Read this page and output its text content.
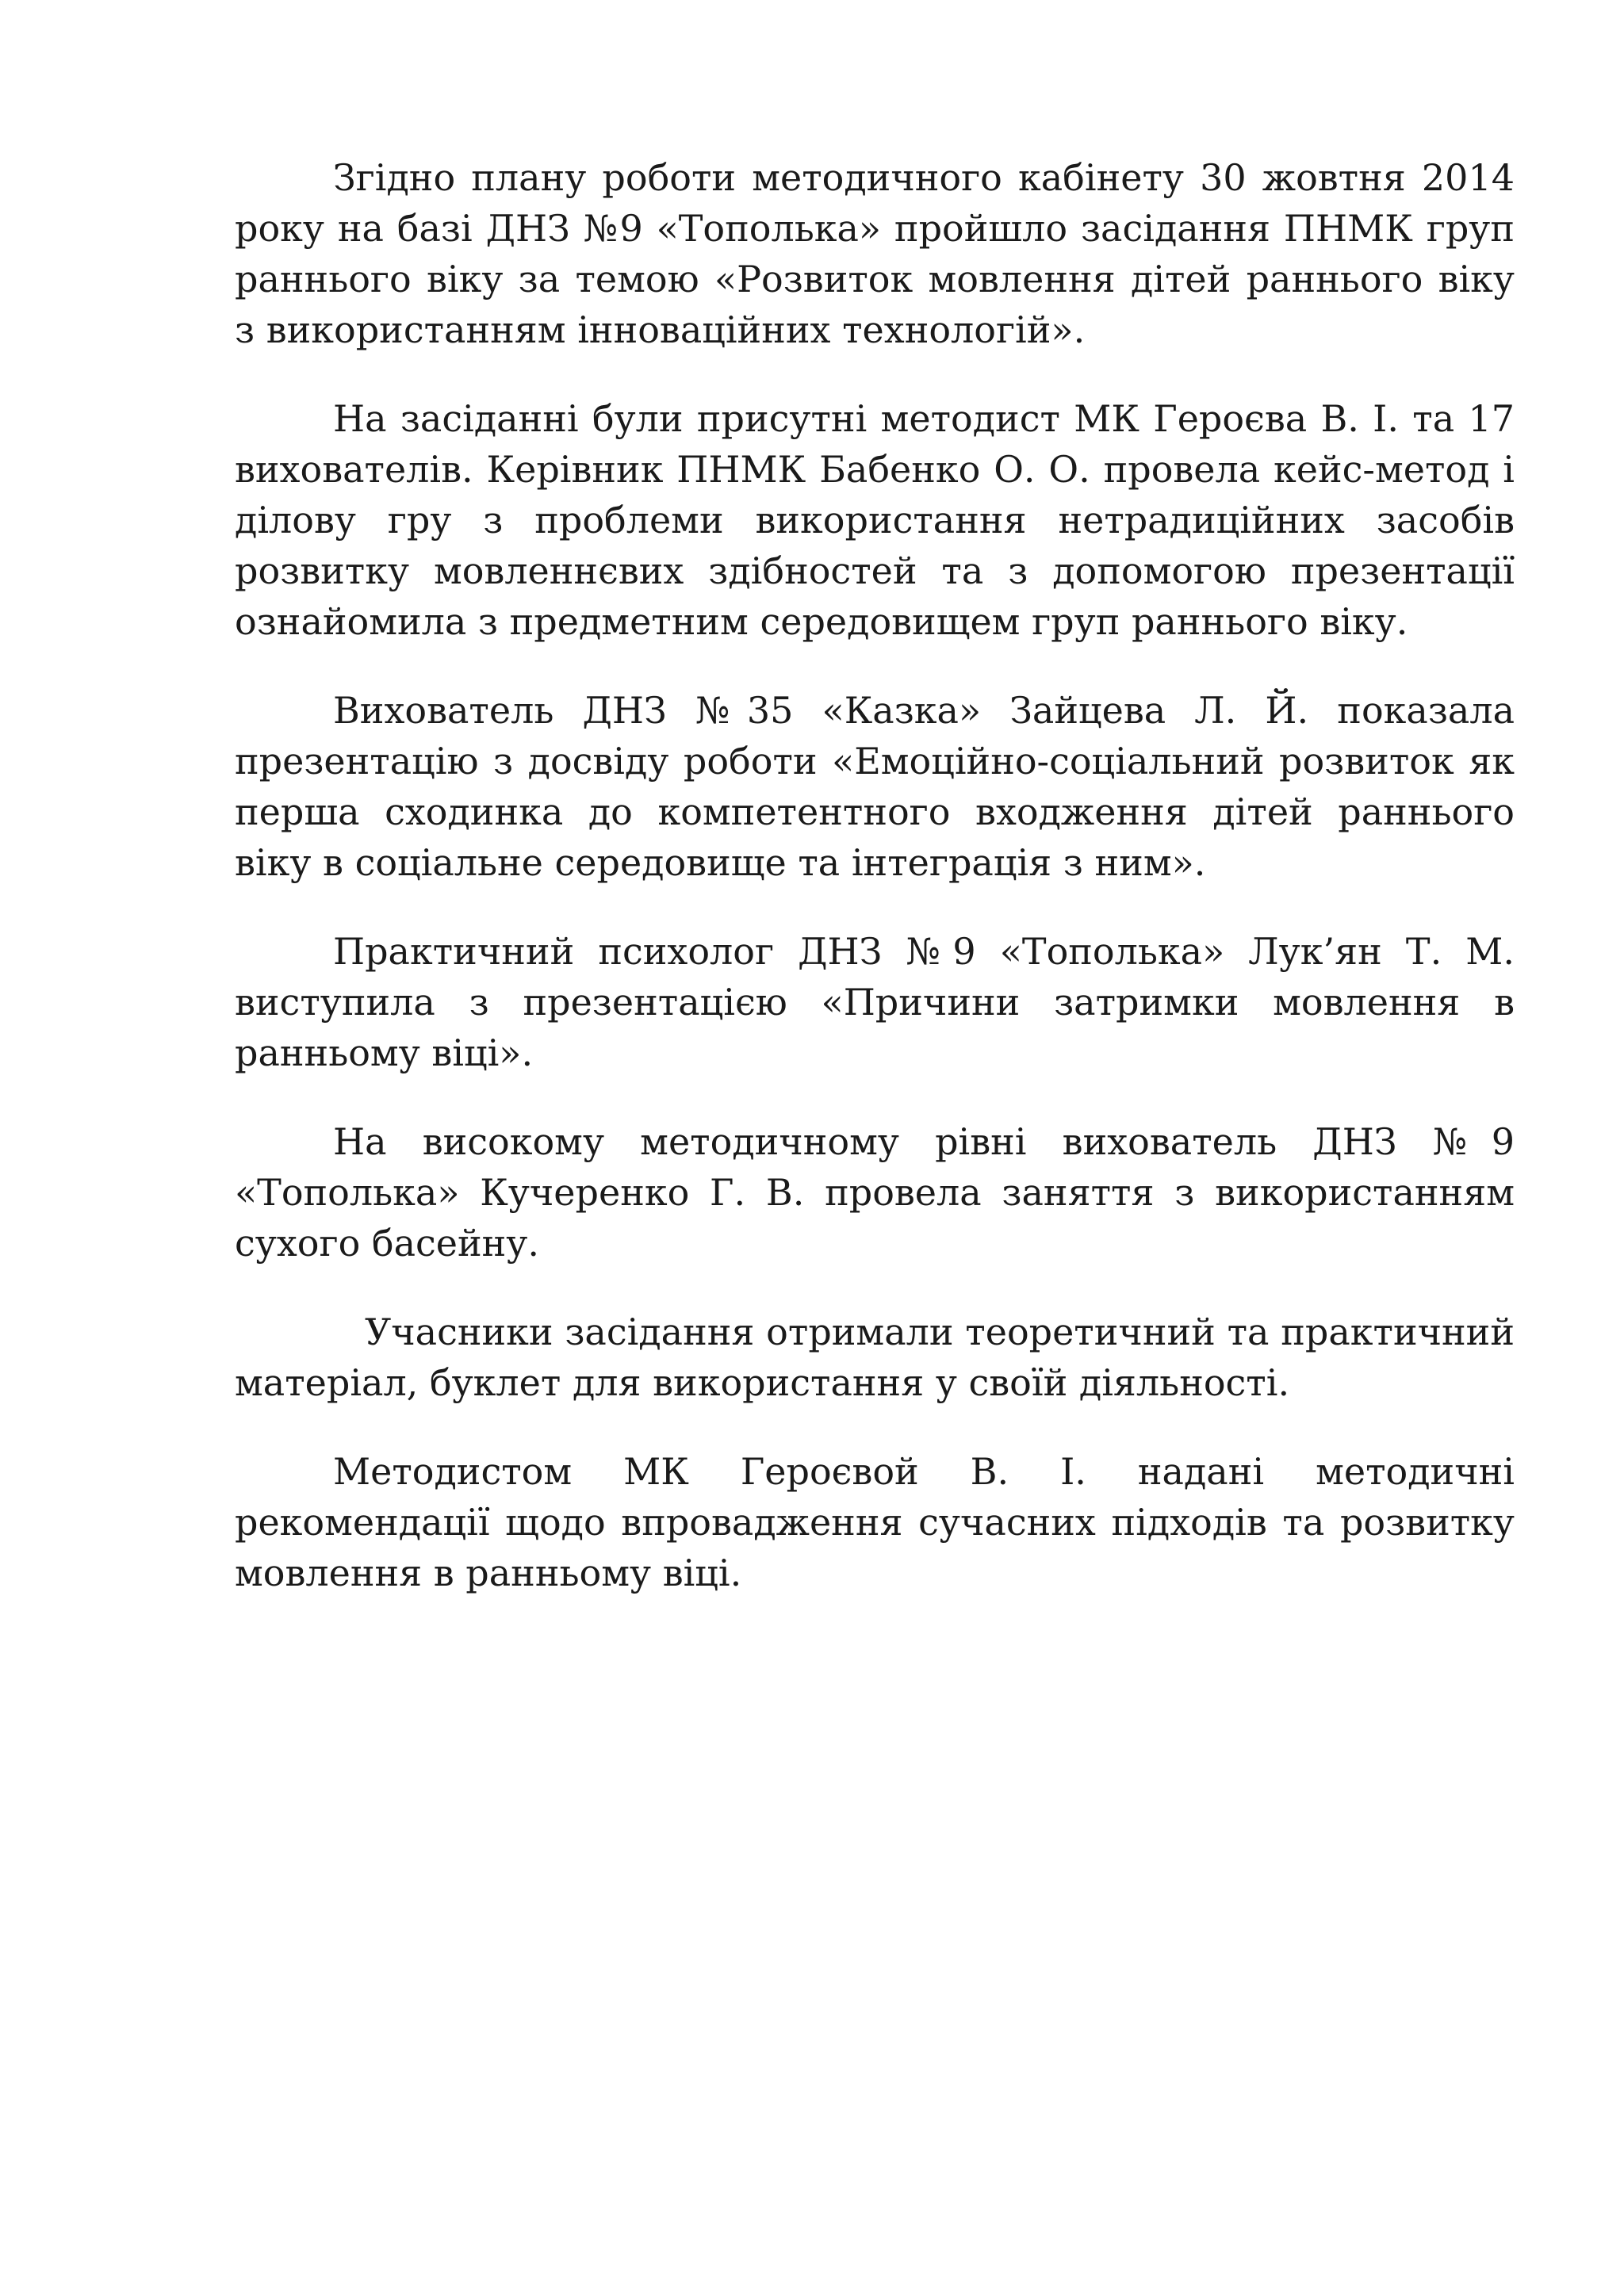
Згідно плану роботи методичного кабінету 30 жовтня 2014 року на базі ДНЗ №9 «Тополька» пройшло засідання ПНМК груп раннього віку за темою «Розвиток мовлення дітей раннього віку з використанням інноваційних технологій».

На засіданні були присутні методист МК Героєва В. І. та 17 вихователів. Керівник ПНМК Бабенко О. О. провела кейс-метод і ділову гру з проблеми використання нетрадиційних засобів розвитку мовленнєвих здібностей та з допомогою презентації ознайомила з предметним середовищем груп раннього віку.

Вихователь ДНЗ №35 «Казка» Зайцева Л. Й. показала презентацію з досвіду роботи «Емоційно-соціальний розвиток як перша сходинка до компетентного входження дітей раннього віку в соціальне середовище та інтеграція з ним».

Практичний психолог ДНЗ №9 «Тополька» Лук’ян Т. М. виступила з презентацією «Причини затримки мовлення в ранньому віці».

На високому методичному рівні вихователь ДНЗ №9 «Тополька» Кучеренко Г. В. провела заняття з використанням сухого басейну.

Учасники засідання отримали теоретичний та практичний матеріал, буклет для використання у своїй діяльності.

Методистом МК Героєвой В. І. надані методичні рекомендації щодо впровадження сучасних підходів та розвитку мовлення в ранньому віці.
